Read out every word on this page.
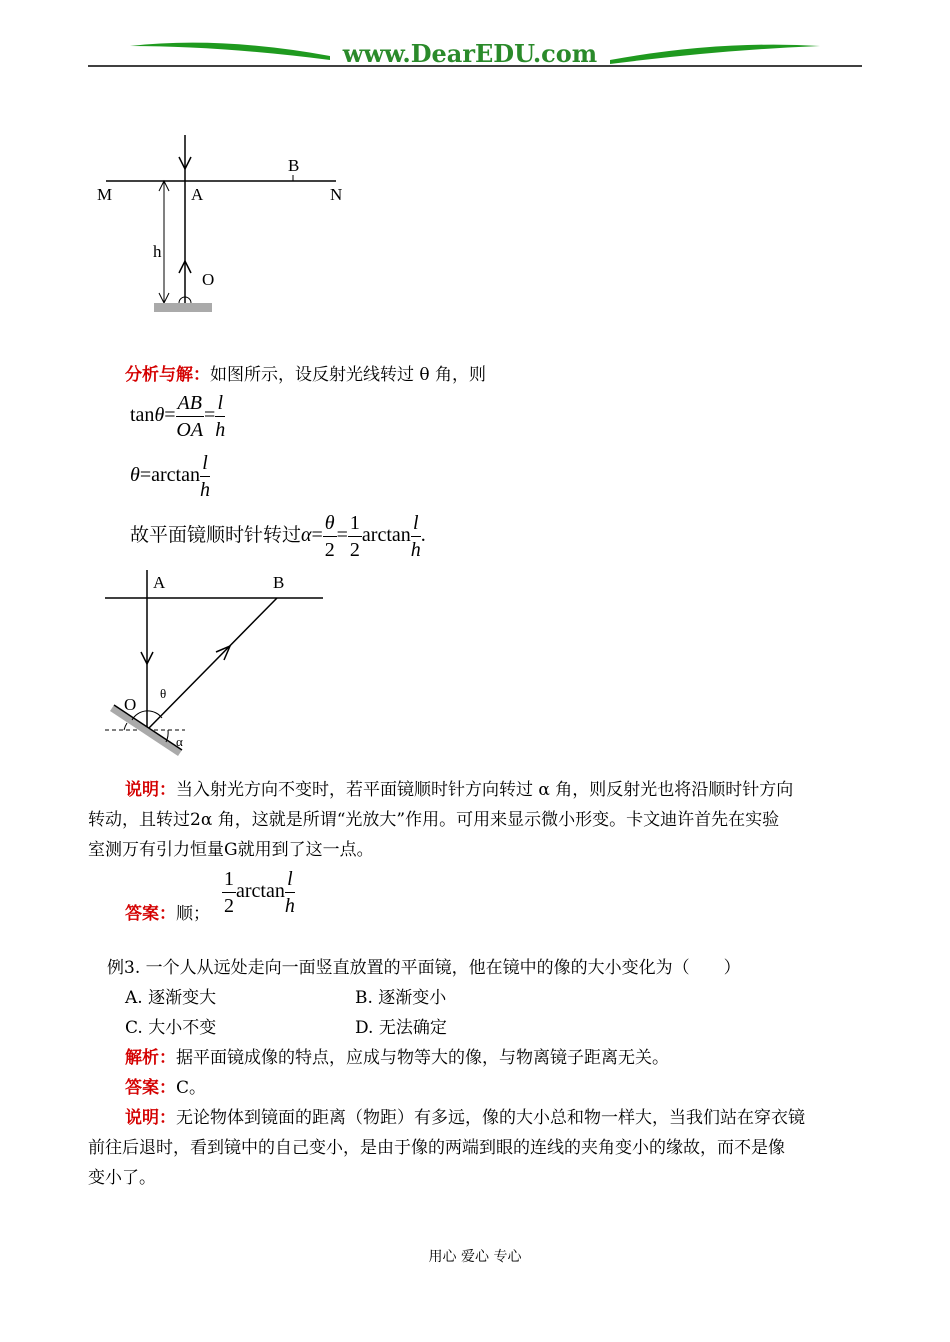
www.DearEDU.com
M	A
B
N
h
O
分析与解：如图所示，设反射光线转过 θ 角，则
$\tan\theta= \frac{AB}{OA} = \frac{l}{h}$
$\theta=\arctan \frac{l}{h}$
故平面镜顺时针转过$\alpha= \frac{\theta}{2} = \frac{1}{2}$ $\arctan \frac{l}{h}$ .
A	B
O
θ
α
说明：当入射光方向不变时，若平面镜顺时针方向转过 α 角，则反射光也将沿顺时针方向
转动，且转过2α 角，这就是所谓“光放大”作用。可用来显示微小形变。卡文迪许首先在实验
室测万有引力恒量G就用到了这一点。
答案：顺； $\frac{1}{2}$ $\arctan \frac{l}{h}$
例3. 一个人从远处走向一面竖直放置的平面镜，他在镜中的像的大小变化为（　　）
A. 逐渐变大	B. 逐渐变小
C. 大小不变	D. 无法确定
解析：据平面镜成像的特点，应成与物等大的像，与物离镜子距离无关。
答案：C。
说明：无论物体到镜面的距离（物距）有多远，像的大小总和物一样大，当我们站在穿衣镜
前往后退时，看到镜中的自己变小，是由于像的两端到眼的连线的夹角变小的缘故，而不是像
变小了。
用心 爱心 专心
